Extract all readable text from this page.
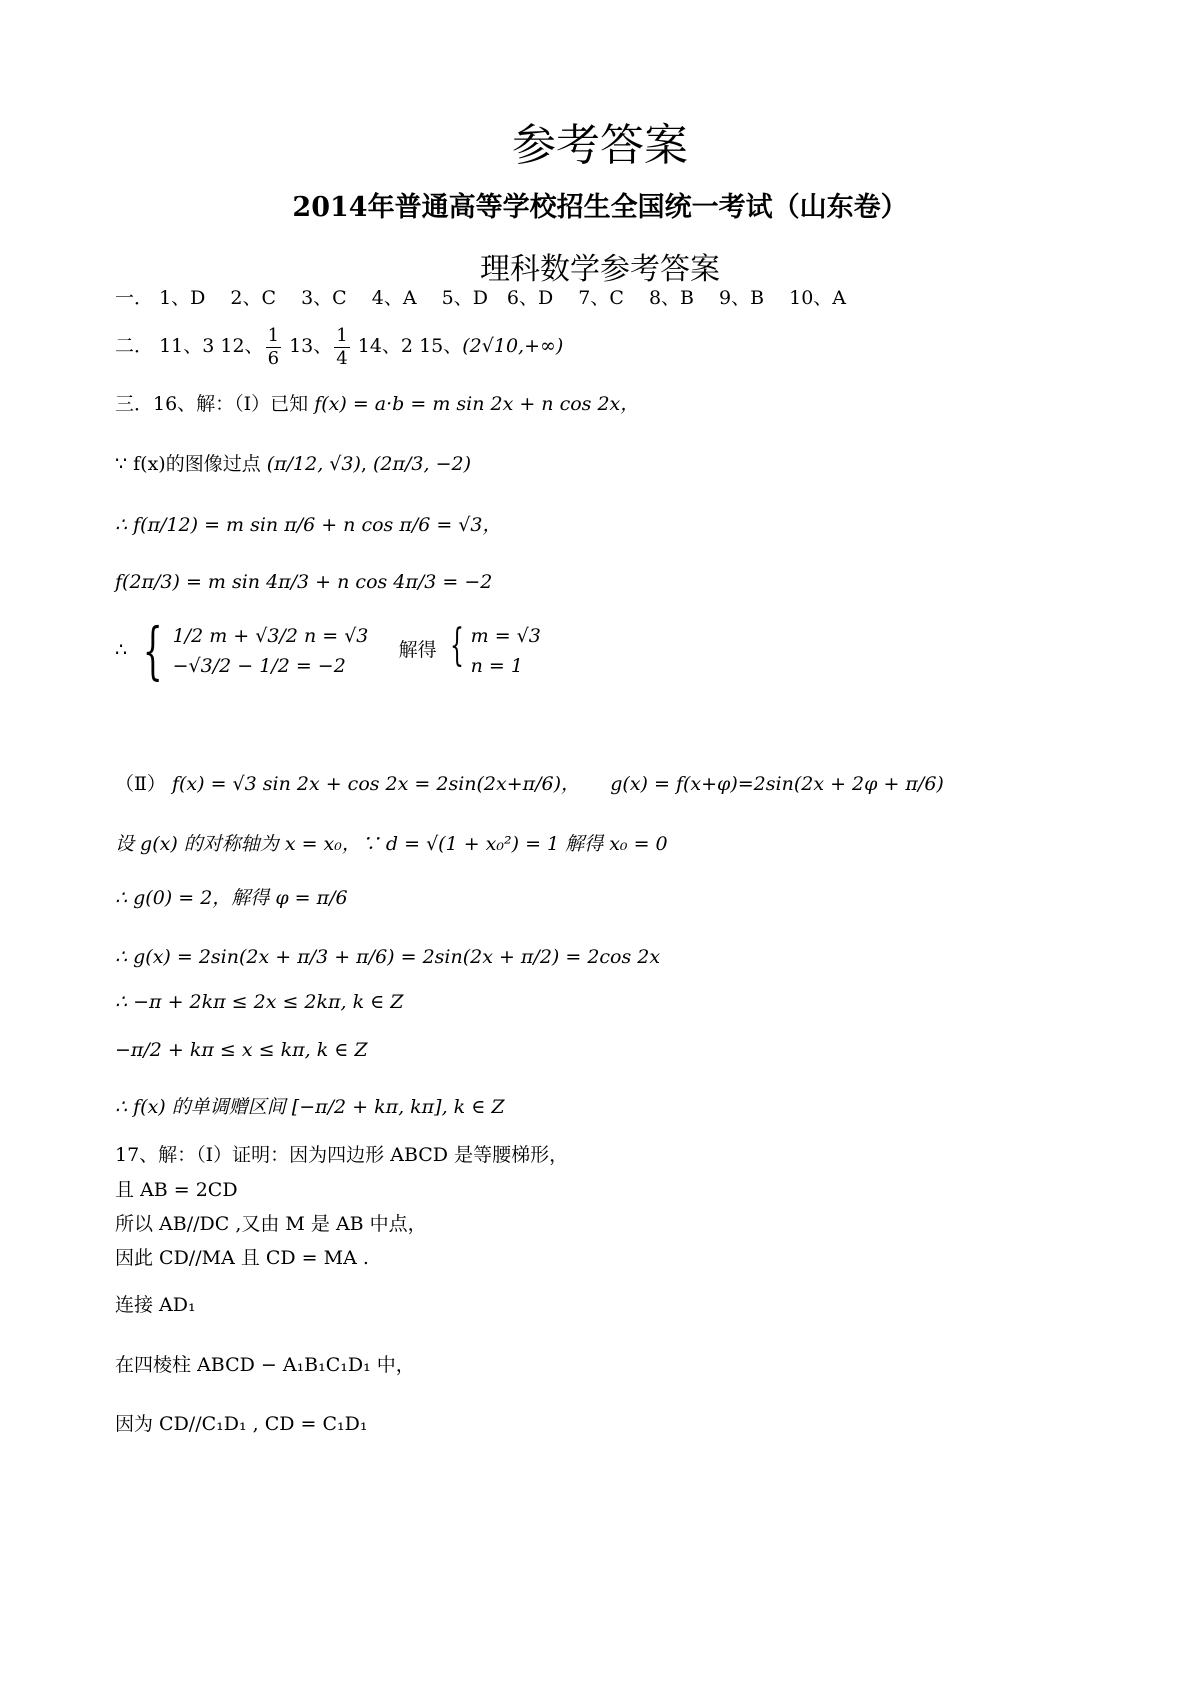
参考答案
2014年普通高等学校招生全国统一考试（山东卷）
理科数学参考答案
一． 1、D　 2、C　 3、C　 4、A　 5、D　6、D　 7、C　 8、B　 9、B　 10、A
二． 11、3 12、 $\frac{1}{6} 13$、 $\frac{1}{4} 14$、2 15、(2√10,+∞)
三．16、解：（Ⅰ）已知 f(x) = a·b = m sin 2x + n cos 2x，
∵ f(x)的图像过点 (π/12, √3), (2π/3, −2)
∴ f(π/12) = m sin π/6 + n cos π/6 = √3，
f(2π/3) = m sin 4π/3 + n cos 4π/3 = −2
∴ { 1/2 m + √3/2 n = √3
−√3/2 − 1/2 = −2
解得 { m = √3
n = 1
（Ⅱ） f(x) = √3 sin 2x + cos 2x = 2sin(2x+π/6)， g(x) = f(x+φ)=2sin(2x + 2φ + π/6)
设 g(x) 的对称轴为 x = x₀，∵ d = √(1 + x₀²) = 1 解得 x₀ = 0
∴ g(0) = 2，解得 φ = π/6
∴ g(x) = 2sin(2x + π/3 + π/6) = 2sin(2x + π/2) = 2cos 2x
∴ −π + 2kπ ≤ 2x ≤ 2kπ, k ∈ Z
−π/2 + kπ ≤ x ≤ kπ, k ∈ Z
∴ f(x) 的单调赠区间 [−π/2 + kπ, kπ], k ∈ Z
17、解：（Ⅰ）证明：因为四边形 ABCD 是等腰梯形，
且 AB = 2CD
所以 AB//DC ,又由 M 是 AB 中点，
因此 CD//MA 且 CD = MA .
连接 AD₁
在四棱柱 ABCD − A₁B₁C₁D₁ 中，
因为 CD//C₁D₁ , CD = C₁D₁
